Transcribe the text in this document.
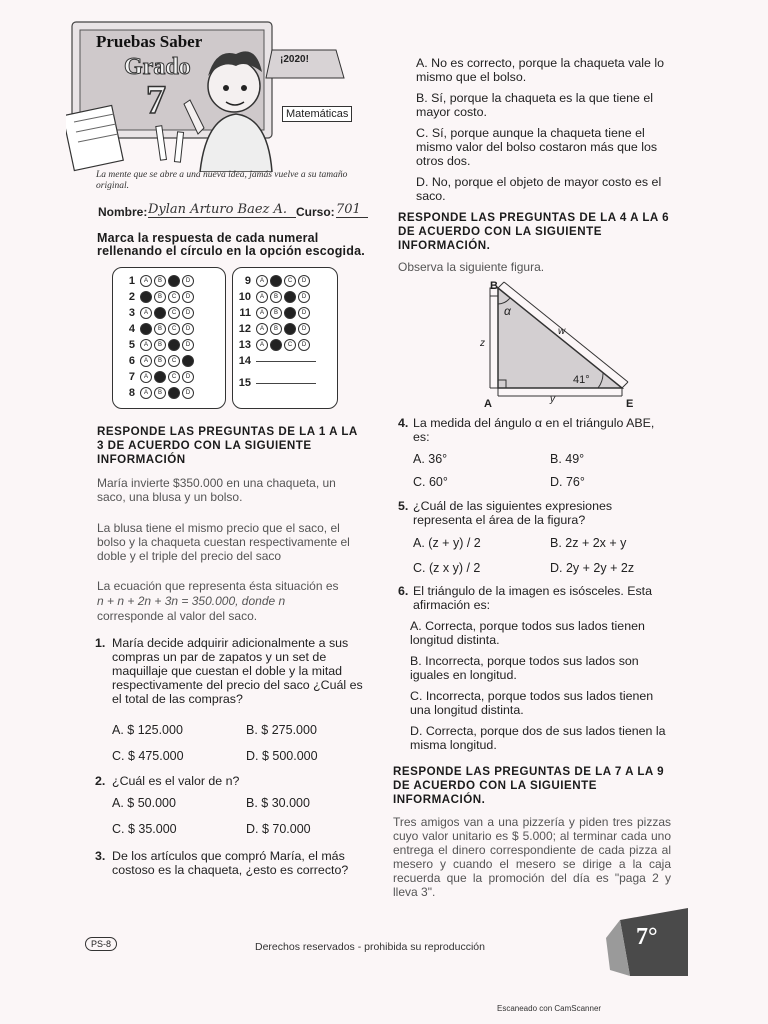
Pruebas Saber
Grado
7
¡2020!
Matemáticas
La mente que se abre a una nueva idea, jamás vuelve a su tamaño original.
Nombre: Dylan Arturo Baez A. Curso: 701
Marca la respuesta de cada numeral rellenando el círculo en la opción escogida.
1	A	B	C	D
2	A	B	C	D
3	A	B	C	D
4	A	B	C	D
5	A	B	C	D
6	A	B	C	D
7	A	B	C	D
8	A	B	C	D
9	A	B	C	D
10	A	B	C	D
11	A	B	C	D
12	A	B	C	D
13	A	B	C	D
14
15
RESPONDE LAS PREGUNTAS DE LA 1 A LA 3 DE ACUERDO CON LA SIGUIENTE INFORMACIÓN
María invierte $350.000 en una chaqueta, un saco, una blusa y un bolso.
La blusa tiene el mismo precio que el saco, el bolso y la chaqueta cuestan respectivamente el doble y el triple del precio del saco
La ecuación que representa ésta situación es
n + n + 2n + 3n = 350.000, donde n
corresponde al valor del saco.
1. María decide adquirir adicionalmente a sus compras un par de zapatos y un set de maquillaje que cuestan el doble y la mitad respectivamente del precio del saco ¿Cuál es el total de las compras?
A. $ 125.000	B. $ 275.000
C. $ 475.000	D. $ 500.000
2. ¿Cuál es el valor de n?
A. $ 50.000	B. $ 30.000
C. $ 35.000	D. $ 70.000
3. De los artículos que compró María, el más costoso es la chaqueta, ¿esto es correcto?
A. No es correcto, porque la chaqueta vale lo mismo que el bolso.
B. Sí, porque la chaqueta es la que tiene el mayor costo.
C. Sí, porque aunque la chaqueta tiene el mismo valor del bolso costaron más que los otros dos.
D. No, porque el objeto de mayor costo es el saco.
RESPONDE LAS PREGUNTAS DE LA 4 A LA 6 DE ACUERDO CON LA SIGUIENTE INFORMACIÓN.
Observa la siguiente figura.
B
A	E
α
w
z
y
41°
4. La medida del ángulo α en el triángulo ABE, es:
A. 36°	B. 49°
C. 60°	D. 76°
5. ¿Cuál de las siguientes expresiones representa el área de la figura?
A. (z + y) / 2	B. 2z + 2x + y
C. (z x y) / 2	D. 2y + 2y + 2z
6. El triángulo de la imagen es isósceles. Esta afirmación es:
A. Correcta, porque todos sus lados tienen longitud distinta.
B. Incorrecta, porque todos sus lados son iguales en longitud.
C. Incorrecta, porque todos sus lados tienen una longitud distinta.
D. Correcta, porque dos de sus lados tienen la misma longitud.
RESPONDE LAS PREGUNTAS DE LA 7 A LA 9 DE ACUERDO CON LA SIGUIENTE INFORMACIÓN.
Tres amigos van a una pizzería y piden tres pizzas cuyo valor unitario es $ 5.000; al terminar cada uno entrega el dinero correspondiente de cada pizza al mesero y cuando el mesero se dirige a la caja recuerda que la promoción del día es "paga 2 y lleva 3".
PS-8	Derechos reservados - prohibida su reproducción	7°
Escaneado con CamScanner
